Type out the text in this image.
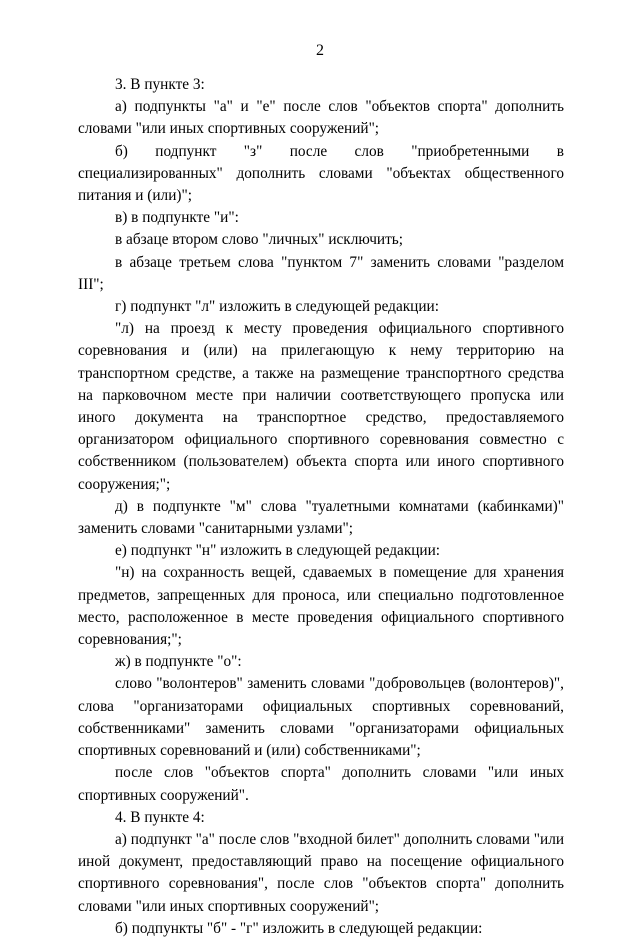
2

3. В пункте 3:

а) подпункты "а" и "е" после слов "объектов спорта" дополнить словами "или иных спортивных сооружений";

б) подпункт "з" после слов "приобретенными в специализированных" дополнить словами "объектах общественного питания и (или)";

в) в подпункте "и":

в абзаце втором слово "личных" исключить;

в абзаце третьем слова "пунктом 7" заменить словами "разделом III";

г) подпункт "л" изложить в следующей редакции:

"л) на проезд к месту проведения официального спортивного соревнования и (или) на прилегающую к нему территорию на транспортном средстве, а также на размещение транспортного средства на парковочном месте при наличии соответствующего пропуска или иного документа на транспортное средство, предоставляемого организатором официального спортивного соревнования совместно с собственником (пользователем) объекта спорта или иного спортивного сооружения;";

д) в подпункте "м" слова "туалетными комнатами (кабинками)" заменить словами "санитарными узлами";

е) подпункт "н" изложить в следующей редакции:

"н) на сохранность вещей, сдаваемых в помещение для хранения предметов, запрещенных для проноса, или специально подготовленное место, расположенное в месте проведения официального спортивного соревнования;";

ж) в подпункте "о":

слово "волонтеров" заменить словами "добровольцев (волонтеров)", слова "организаторами официальных спортивных соревнований, собственниками" заменить словами "организаторами официальных спортивных соревнований и (или) собственниками";

после слов "объектов спорта" дополнить словами "или иных спортивных сооружений".

4. В пункте 4:

а) подпункт "а" после слов "входной билет" дополнить словами "или иной документ, предоставляющий право на посещение официального спортивного соревнования", после слов "объектов спорта" дополнить словами "или иных спортивных сооружений";

б) подпункты "б" - "г" изложить в следующей редакции:
